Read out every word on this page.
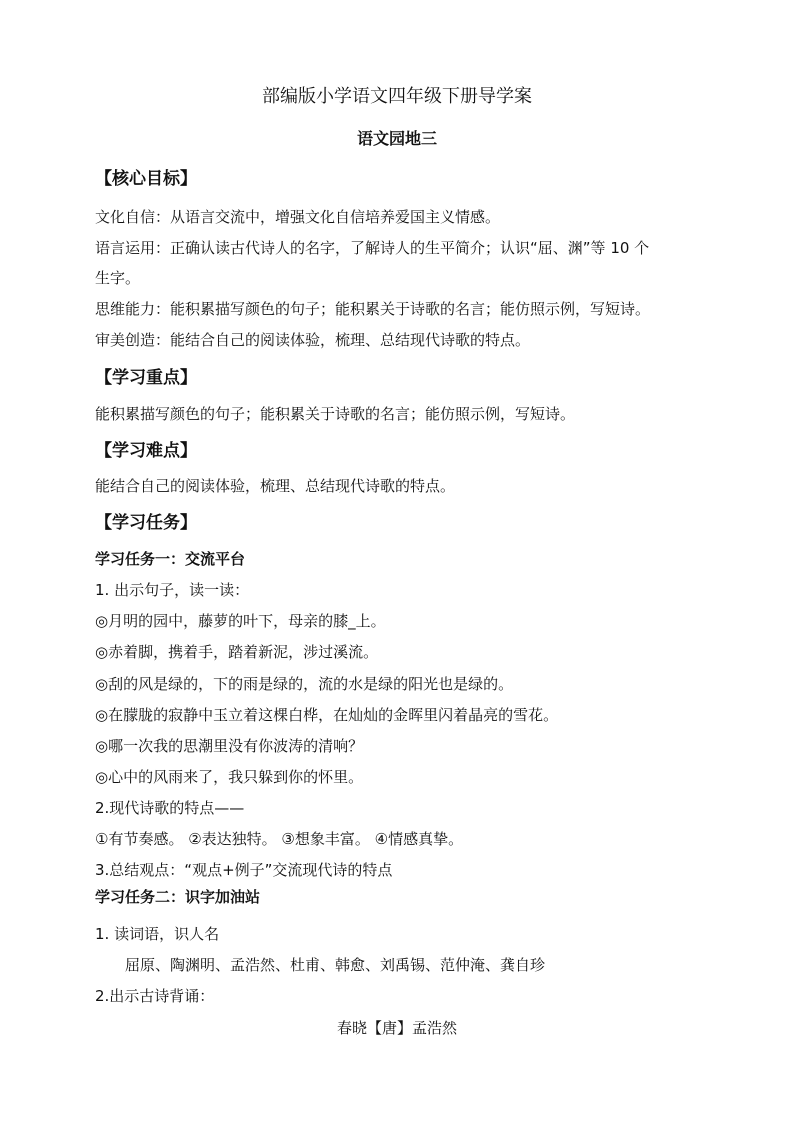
部编版小学语文四年级下册导学案
语文园地三
【核心目标】
文化自信：从语言交流中，增强文化自信培养爱国主义情感。
语言运用：正确认读古代诗人的名字，了解诗人的生平简介；认识“屈、渊”等 10 个
生字。
思维能力：能积累描写颜色的句子；能积累关于诗歌的名言；能仿照示例，写短诗。
审美创造：能结合自己的阅读体验，梳理、总结现代诗歌的特点。
【学习重点】
能积累描写颜色的句子；能积累关于诗歌的名言；能仿照示例，写短诗。
【学习难点】
能结合自己的阅读体验，梳理、总结现代诗歌的特点。
【学习任务】
学习任务一：交流平台
1. 出示句子，读一读：
◎月明的园中，藤萝的叶下，母亲的膝_上。
◎赤着脚，携着手，踏着新泥，涉过溪流。
◎刮的风是绿的，下的雨是绿的，流的水是绿的阳光也是绿的。
◎在朦胧的寂静中玉立着这棵白桦，在灿灿的金晖里闪着晶亮的雪花。
◎哪一次我的思潮里没有你波涛的清响？
◎心中的风雨来了，我只躲到你的怀里。
2.现代诗歌的特点——
①有节奏感。 ②表达独特。 ③想象丰富。 ④情感真挚。
3.总结观点：“观点+例子”交流现代诗的特点
学习任务二：识字加油站
1. 读词语，识人名
屈原、陶渊明、孟浩然、杜甫、韩愈、刘禹锡、范仲淹、龚自珍
2.出示古诗背诵：
春晓【唐】孟浩然
